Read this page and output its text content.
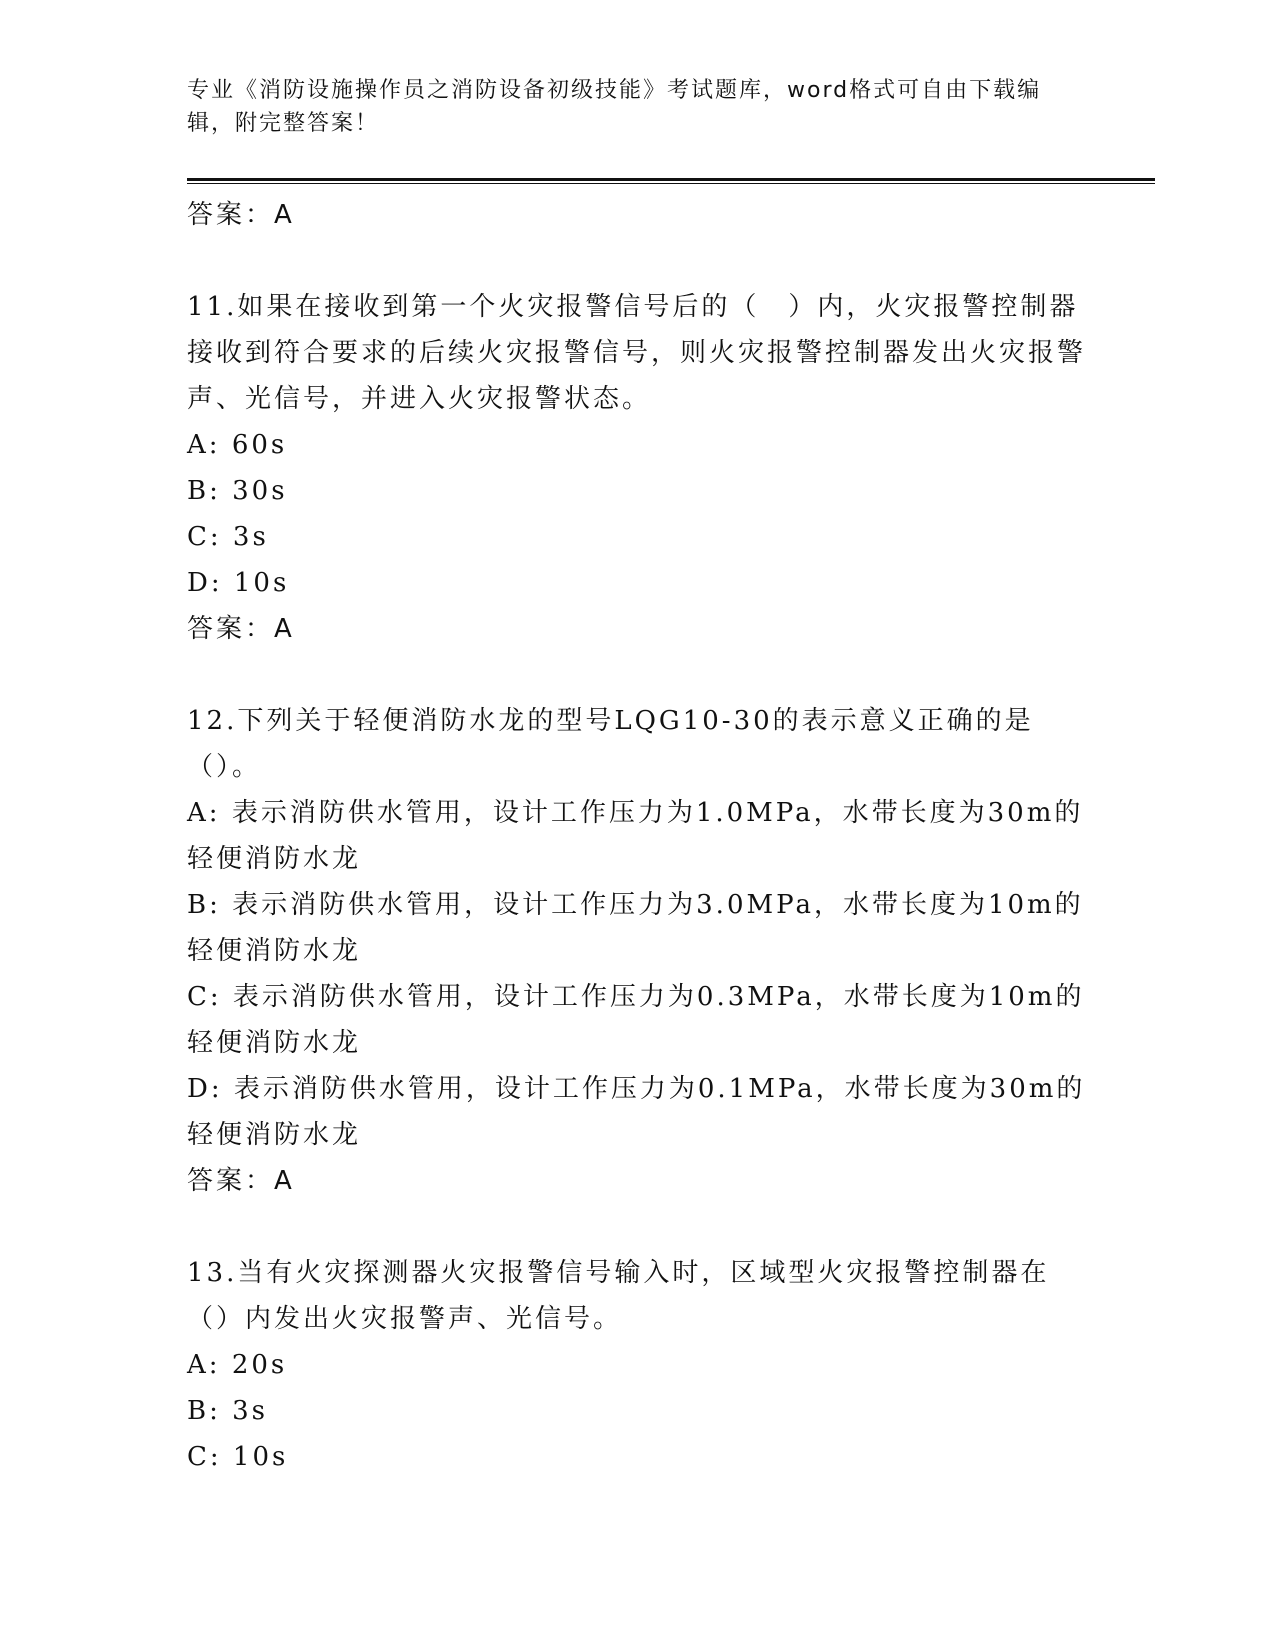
专业《消防设施操作员之消防设备初级技能》考试题库，word格式可自由下载编辑，附完整答案！

答案：A

11.如果在接收到第一个火灾报警信号后的（　）内，火灾报警控制器接收到符合要求的后续火灾报警信号，则火灾报警控制器发出火灾报警声、光信号，并进入火灾报警状态。

A: 60s

B: 30s

C: 3s

D: 10s

答案：A

12.下列关于轻便消防水龙的型号LQG10-30的表示意义正确的是（）。

A: 表示消防供水管用，设计工作压力为1.0MPa，水带长度为30m的轻便消防水龙

B: 表示消防供水管用，设计工作压力为3.0MPa，水带长度为10m的轻便消防水龙

C: 表示消防供水管用，设计工作压力为0.3MPa，水带长度为10m的轻便消防水龙

D: 表示消防供水管用，设计工作压力为0.1MPa，水带长度为30m的轻便消防水龙

答案：A

13.当有火灾探测器火灾报警信号输入时，区域型火灾报警控制器在（）内发出火灾报警声、光信号。

A: 20s

B: 3s

C: 10s
